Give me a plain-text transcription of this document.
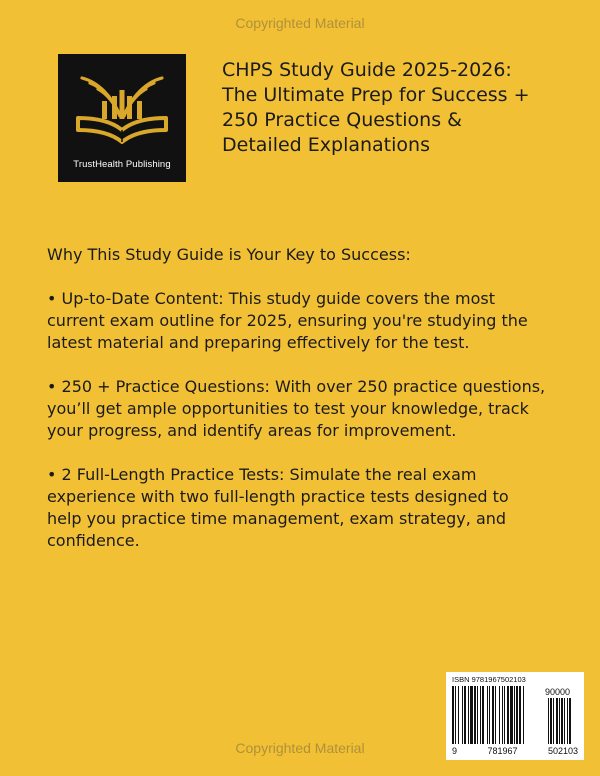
Copyrighted Material
TrustHealth Publishing
CHPS Study Guide 2025-2026:
The Ultimate Prep for Success +
250 Practice Questions &
Detailed Explanations
Why This Study Guide is Your Key to Success:
• Up-to-Date Content: This study guide covers the most
current exam outline for 2025, ensuring you're studying the
latest material and preparing effectively for the test.
• 250 + Practice Questions: With over 250 practice questions,
you’ll get ample opportunities to test your knowledge, track
your progress, and identify areas for improvement.
• 2 Full-Length Practice Tests: Simulate the real exam
experience with two full-length practice tests designed to
help you practice time management, exam strategy, and
confidence.
ISBN 9781967502103
90000
9	781967	502103
Copyrighted Material
